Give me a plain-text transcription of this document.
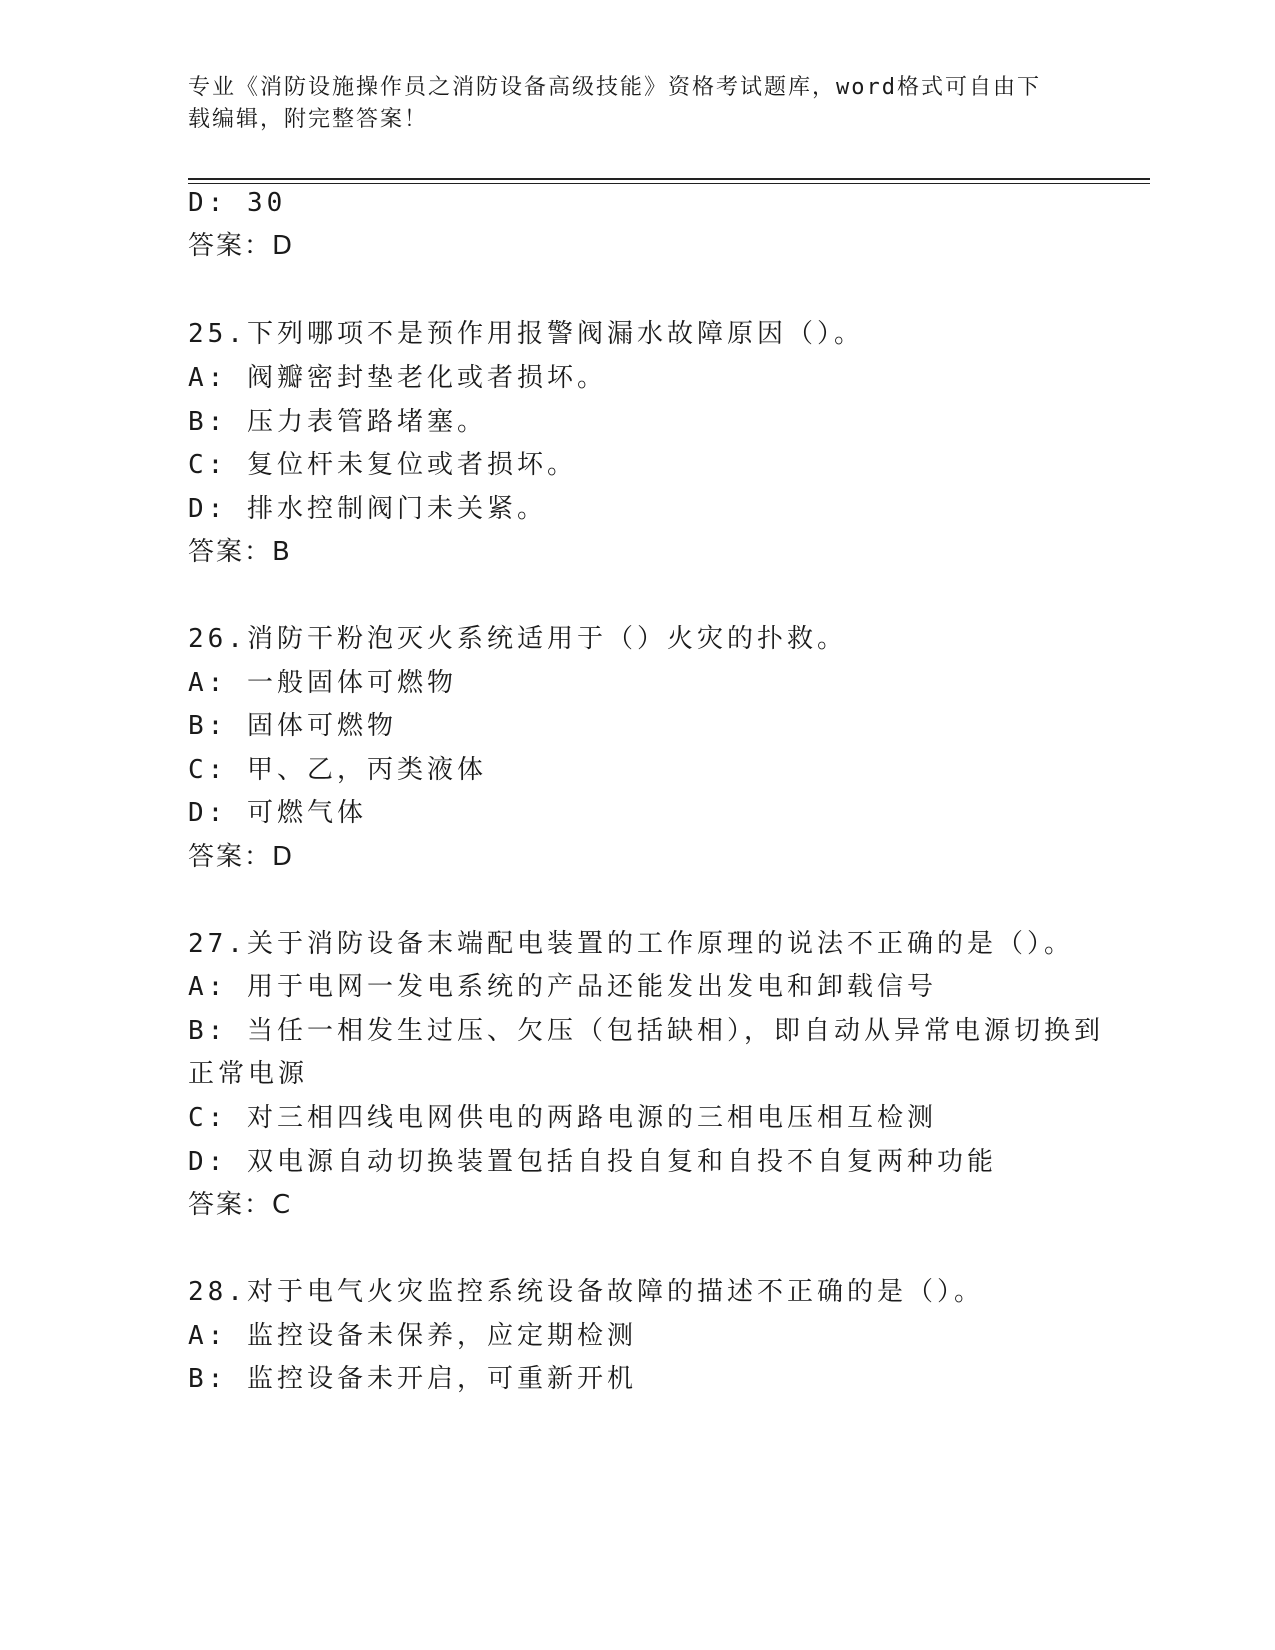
专业《消防设施操作员之消防设备高级技能》资格考试题库，word格式可自由下
载编辑，附完整答案！
D: 30
答案：D
25.下列哪项不是预作用报警阀漏水故障原因（）。
A: 阀瓣密封垫老化或者损坏。
B: 压力表管路堵塞。
C: 复位杆未复位或者损坏。
D: 排水控制阀门未关紧。
答案：B
26.消防干粉泡灭火系统适用于（）火灾的扑救。
A: 一般固体可燃物
B: 固体可燃物
C: 甲、乙，丙类液体
D: 可燃气体
答案：D
27.关于消防设备末端配电装置的工作原理的说法不正确的是（）。
A: 用于电网一发电系统的产品还能发出发电和卸载信号
B: 当任一相发生过压、欠压（包括缺相），即自动从异常电源切换到
正常电源
C: 对三相四线电网供电的两路电源的三相电压相互检测
D: 双电源自动切换装置包括自投自复和自投不自复两种功能
答案：C
28.对于电气火灾监控系统设备故障的描述不正确的是（）。
A: 监控设备未保养，应定期检测
B: 监控设备未开启，可重新开机
